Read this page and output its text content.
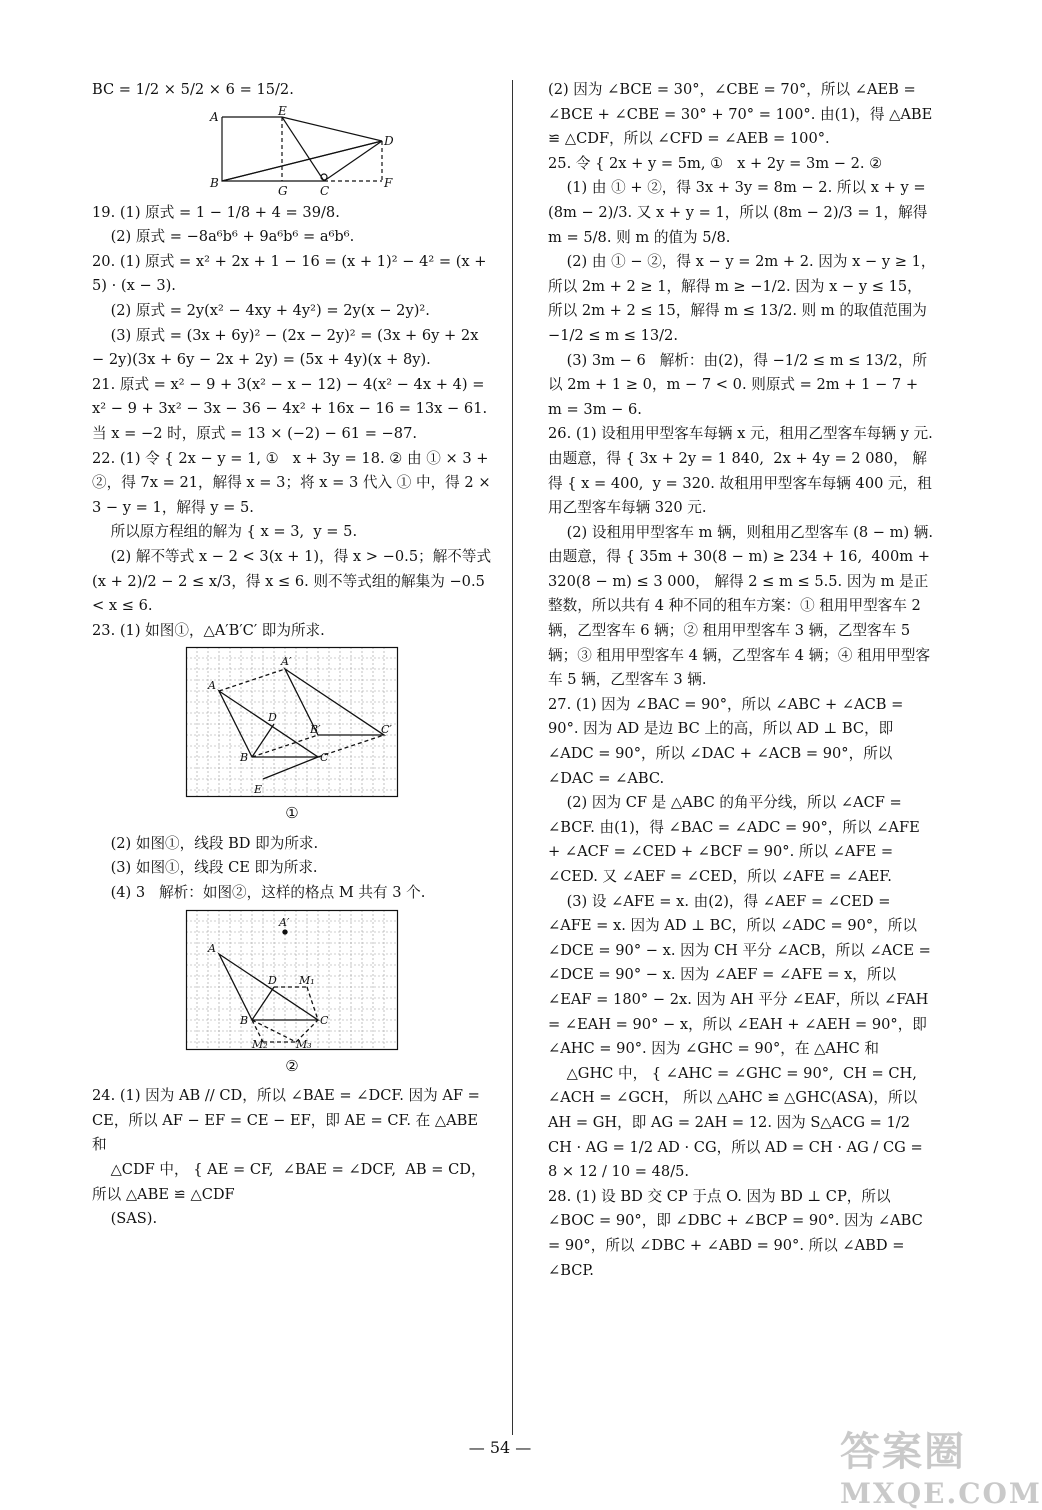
BC = 1/2 × 5/2 × 6 = 15/2.

A	E
D
B
G	C
F

19. (1) 原式 = 1 − 1/8 + 4 = 39/8.

(2) 原式 = −8a⁶b⁶ + 9a⁶b⁶ = a⁶b⁶.

20. (1) 原式 = x² + 2x + 1 − 16 = (x + 1)² − 4² = (x + 5) · (x − 3).

(2) 原式 = 2y(x² − 4xy + 4y²) = 2y(x − 2y)².

(3) 原式 = (3x + 6y)² − (2x − 2y)² = (3x + 6y + 2x − 2y)(3x + 6y − 2x + 2y) = (5x + 4y)(x + 8y).

21. 原式 = x² − 9 + 3(x² − x − 12) − 4(x² − 4x + 4) = x² − 9 + 3x² − 3x − 36 − 4x² + 16x − 16 = 13x − 61. 当 x = −2 时，原式 = 13 × (−2) − 61 = −87.

22. (1) 令 { 2x − y = 1, ①   x + 3y = 18. ② 由 ① × 3 + ②，得 7x = 21，解得 x = 3；将 x = 3 代入 ① 中，得 2 × 3 − y = 1，解得 y = 5.

所以原方程组的解为 { x = 3,  y = 5.

(2) 解不等式 x − 2 < 3(x + 1)，得 x > −0.5；解不等式 (x + 2)/2 − 2 ≤ x/3，得 x ≤ 6. 则不等式组的解集为 −0.5 < x ≤ 6.

23. (1) 如图①，△A′B′C′ 即为所求.

A
A′
D
B′	C′
B	C
E
①

(2) 如图①，线段 BD 即为所求.

(3) 如图①，线段 CE 即为所求.

(4) 3   解析：如图②，这样的格点 M 共有 3 个.

A′
A
D M₁
B	C
M₂	M₃
②

24. (1) 因为 AB // CD，所以 ∠BAE = ∠DCF. 因为 AF = CE，所以 AF − EF = CE − EF，即 AE = CF. 在 △ABE 和

△CDF 中， { AE = CF,  ∠BAE = ∠DCF,  AB = CD， 所以 △ABE ≌ △CDF

(SAS).

(2) 因为 ∠BCE = 30°，∠CBE = 70°，所以 ∠AEB = ∠BCE + ∠CBE = 30° + 70° = 100°. 由(1)，得 △ABE ≌ △CDF，所以 ∠CFD = ∠AEB = 100°.

25. 令 { 2x + y = 5m, ①   x + 2y = 3m − 2. ②

(1) 由 ① + ②，得 3x + 3y = 8m − 2. 所以 x + y = (8m − 2)/3. 又 x + y = 1，所以 (8m − 2)/3 = 1，解得 m = 5/8. 则 m 的值为 5/8.

(2) 由 ① − ②，得 x − y = 2m + 2. 因为 x − y ≥ 1，所以 2m + 2 ≥ 1，解得 m ≥ −1/2. 因为 x − y ≤ 15，所以 2m + 2 ≤ 15，解得 m ≤ 13/2. 则 m 的取值范围为 −1/2 ≤ m ≤ 13/2.

(3) 3m − 6   解析：由(2)，得 −1/2 ≤ m ≤ 13/2，所以 2m + 1 ≥ 0，m − 7 < 0. 则原式 = 2m + 1 − 7 + m = 3m − 6.

26. (1) 设租用甲型客车每辆 x 元，租用乙型客车每辆 y 元. 由题意，得 { 3x + 2y = 1 840,  2x + 4y = 2 080， 解得 { x = 400,  y = 320. 故租用甲型客车每辆 400 元，租用乙型客车每辆 320 元.

(2) 设租用甲型客车 m 辆，则租用乙型客车 (8 − m) 辆. 由题意，得 { 35m + 30(8 − m) ≥ 234 + 16,  400m + 320(8 − m) ≤ 3 000， 解得 2 ≤ m ≤ 5.5. 因为 m 是正整数，所以共有 4 种不同的租车方案：① 租用甲型客车 2 辆，乙型客车 6 辆；② 租用甲型客车 3 辆，乙型客车 5 辆；③ 租用甲型客车 4 辆，乙型客车 4 辆；④ 租用甲型客车 5 辆，乙型客车 3 辆.

27. (1) 因为 ∠BAC = 90°，所以 ∠ABC + ∠ACB = 90°. 因为 AD 是边 BC 上的高，所以 AD ⊥ BC，即 ∠ADC = 90°，所以 ∠DAC + ∠ACB = 90°，所以 ∠DAC = ∠ABC.

(2) 因为 CF 是 △ABC 的角平分线，所以 ∠ACF = ∠BCF. 由(1)，得 ∠BAC = ∠ADC = 90°，所以 ∠AFE + ∠ACF = ∠CED + ∠BCF = 90°. 所以 ∠AFE = ∠CED. 又 ∠AEF = ∠CED，所以 ∠AFE = ∠AEF.

(3) 设 ∠AFE = x. 由(2)，得 ∠AEF = ∠CED = ∠AFE = x. 因为 AD ⊥ BC，所以 ∠ADC = 90°，所以 ∠DCE = 90° − x. 因为 CH 平分 ∠ACB，所以 ∠ACE = ∠DCE = 90° − x. 因为 ∠AEF = ∠AFE = x，所以 ∠EAF = 180° − 2x. 因为 AH 平分 ∠EAF，所以 ∠FAH = ∠EAH = 90° − x，所以 ∠EAH + ∠AEH = 90°，即 ∠AHC = 90°. 因为 ∠GHC = 90°，在 △AHC 和

△GHC 中， { ∠AHC = ∠GHC = 90°,  CH = CH,  ∠ACH = ∠GCH， 所以 △AHC ≌ △GHC(ASA)，所以 AH = GH，即 AG = 2AH = 12. 因为 S△ACG = 1/2 CH · AG = 1/2 AD · CG，所以 AD = CH · AG / CG = 8 × 12 / 10 = 48/5.

28. (1) 设 BD 交 CP 于点 O. 因为 BD ⊥ CP，所以 ∠BOC = 90°，即 ∠DBC + ∠BCP = 90°. 因为 ∠ABC = 90°，所以 ∠DBC + ∠ABD = 90°. 所以 ∠ABD = ∠BCP.

— 54 —	答案圈
MXQE.COM
